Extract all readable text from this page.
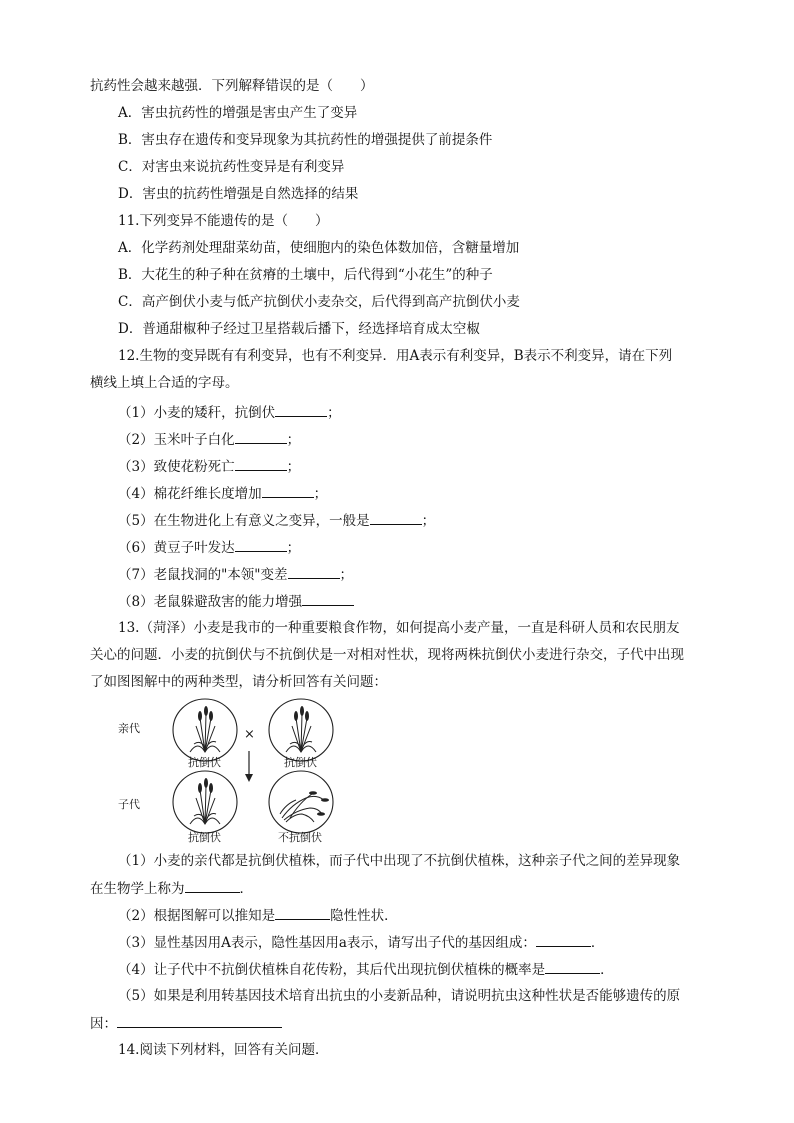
抗药性会越来越强．下列解释错误的是（　　）
A．害虫抗药性的增强是害虫产生了变异
B．害虫存在遗传和变异现象为其抗药性的增强提供了前提条件
C．对害虫来说抗药性变异是有利变异
D．害虫的抗药性增强是自然选择的结果
11.下列变异不能遗传的是（　　）
A．化学药剂处理甜菜幼苗，使细胞内的染色体数加倍，含糖量增加
B．大花生的种子种在贫瘠的土壤中，后代得到“小花生”的种子
C．高产倒伏小麦与低产抗倒伏小麦杂交，后代得到高产抗倒伏小麦
D．普通甜椒种子经过卫星搭载后播下，经选择培育成太空椒
12.生物的变异既有有利变异，也有不利变异．用A表示有利变异，B表示不利变异，请在下列
横线上填上合适的字母。
（1）小麦的矮秆，抗倒伏	；
（2）玉米叶子白化	；
（3）致使花粉死亡	；
（4）棉花纤维长度增加	；
（5）在生物进化上有意义之变异，一般是	；
（6）黄豆子叶发达	；
（7）老鼠找洞的"本领"变差	；
（8）老鼠躲避敌害的能力增强
13.（菏泽）小麦是我市的一种重要粮食作物，如何提高小麦产量，一直是科研人员和农民朋友
关心的问题．小麦的抗倒伏与不抗倒伏是一对相对性状，现将两株抗倒伏小麦进行杂交，子代中出现
了如图图解中的两种类型，请分析回答有关问题：
亲代
子代
×
抗倒伏	抗倒伏
抗倒伏	不抗倒伏
（1）小麦的亲代都是抗倒伏植株，而子代中出现了不抗倒伏植株，这种亲子代之间的差异现象
在生物学上称为	．
（2）根据图解可以推知是	隐性性状．
（3）显性基因用A表示，隐性基因用a表示，请写出子代的基因组成：	．
（4）让子代中不抗倒伏植株自花传粉，其后代出现抗倒伏植株的概率是	．
（5）如果是利用转基因技术培育出抗虫的小麦新品种，请说明抗虫这种性状是否能够遗传的原
因：
14.阅读下列材料，回答有关问题．
